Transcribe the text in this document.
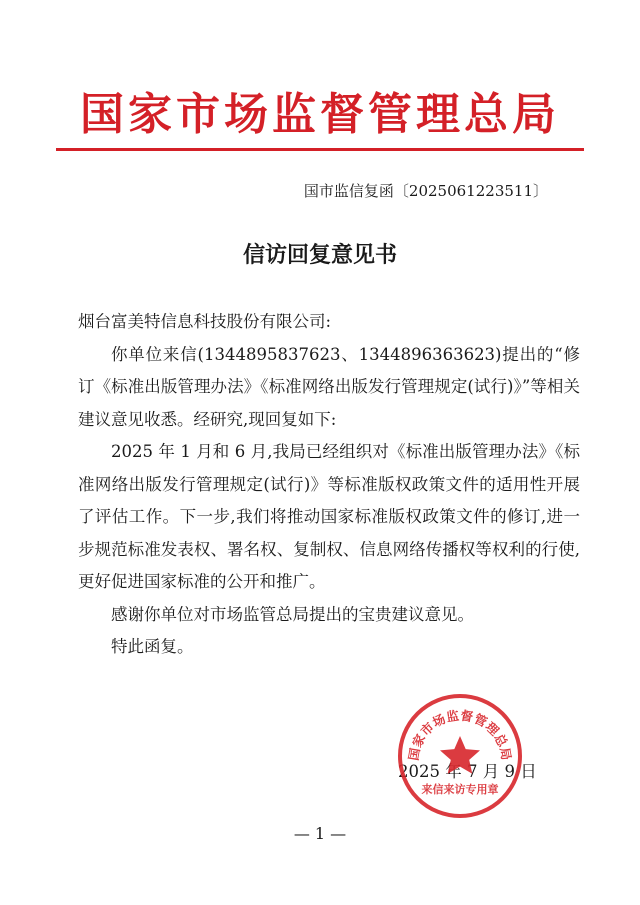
国家市场监督管理总局
国市监信复函〔2025061223511〕
信访回复意见书

烟台富美特信息科技股份有限公司:

你单位来信(1344895837623、1344896363623)提出的“修订《标准出版管理办法》《标准网络出版发行管理规定(试行)》”等相关建议意见收悉。经研究,现回复如下:

2025 年 1 月和 6 月,我局已经组织对《标准出版管理办法》《标准网络出版发行管理规定(试行)》等标准版权政策文件的适用性开展了评估工作。下一步,我们将推动国家标准版权政策文件的修订,进一步规范标准发表权、署名权、复制权、信息网络传播权等权利的行使,更好促进国家标准的公开和推广。

感谢你单位对市场监管总局提出的宝贵建议意见。

特此函复。

2025 年 7 月 9 日
国家市场监督管理总局
来信来访专用章
— 1 —
